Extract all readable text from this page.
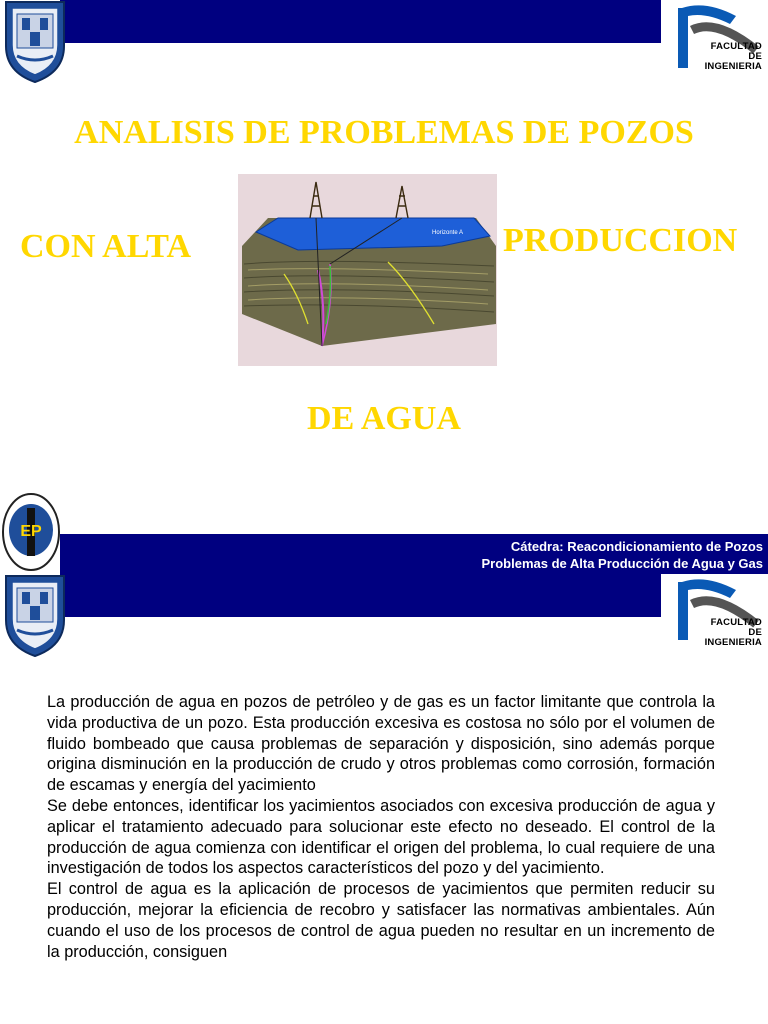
FACULTAD
DE
INGENIERIA
ANALISIS DE PROBLEMAS DE POZOS
CON ALTA	PRODUCCION
DE AGUA
Horizonte A
EP
Cátedra: Reacondicionamiento de Pozos
Problemas de Alta Producción de Agua y Gas
FACULTAD
DE
INGENIERIA

La producción de agua en pozos de petróleo y de gas es un factor limitante que controla la vida productiva de un pozo. Esta producción excesiva es costosa no sólo por el volumen de fluido bombeado que causa problemas de separación y disposición, sino además porque origina disminución en la producción de crudo y otros problemas como corrosión, formación de escamas y energía del yacimiento

Se debe entonces, identificar los yacimientos asociados con excesiva producción de agua y aplicar el tratamiento adecuado para solucionar este efecto no deseado. El control de la producción de agua comienza con identificar el origen del problema, lo cual requiere de una investigación de todos los aspectos característicos del pozo y del yacimiento.

El control de agua es la aplicación de procesos de yacimientos que permiten reducir su producción, mejorar la eficiencia de recobro y satisfacer las normativas ambientales. Aún cuando el uso de los procesos de control de agua pueden no resultar en un incremento de la producción, consiguen
